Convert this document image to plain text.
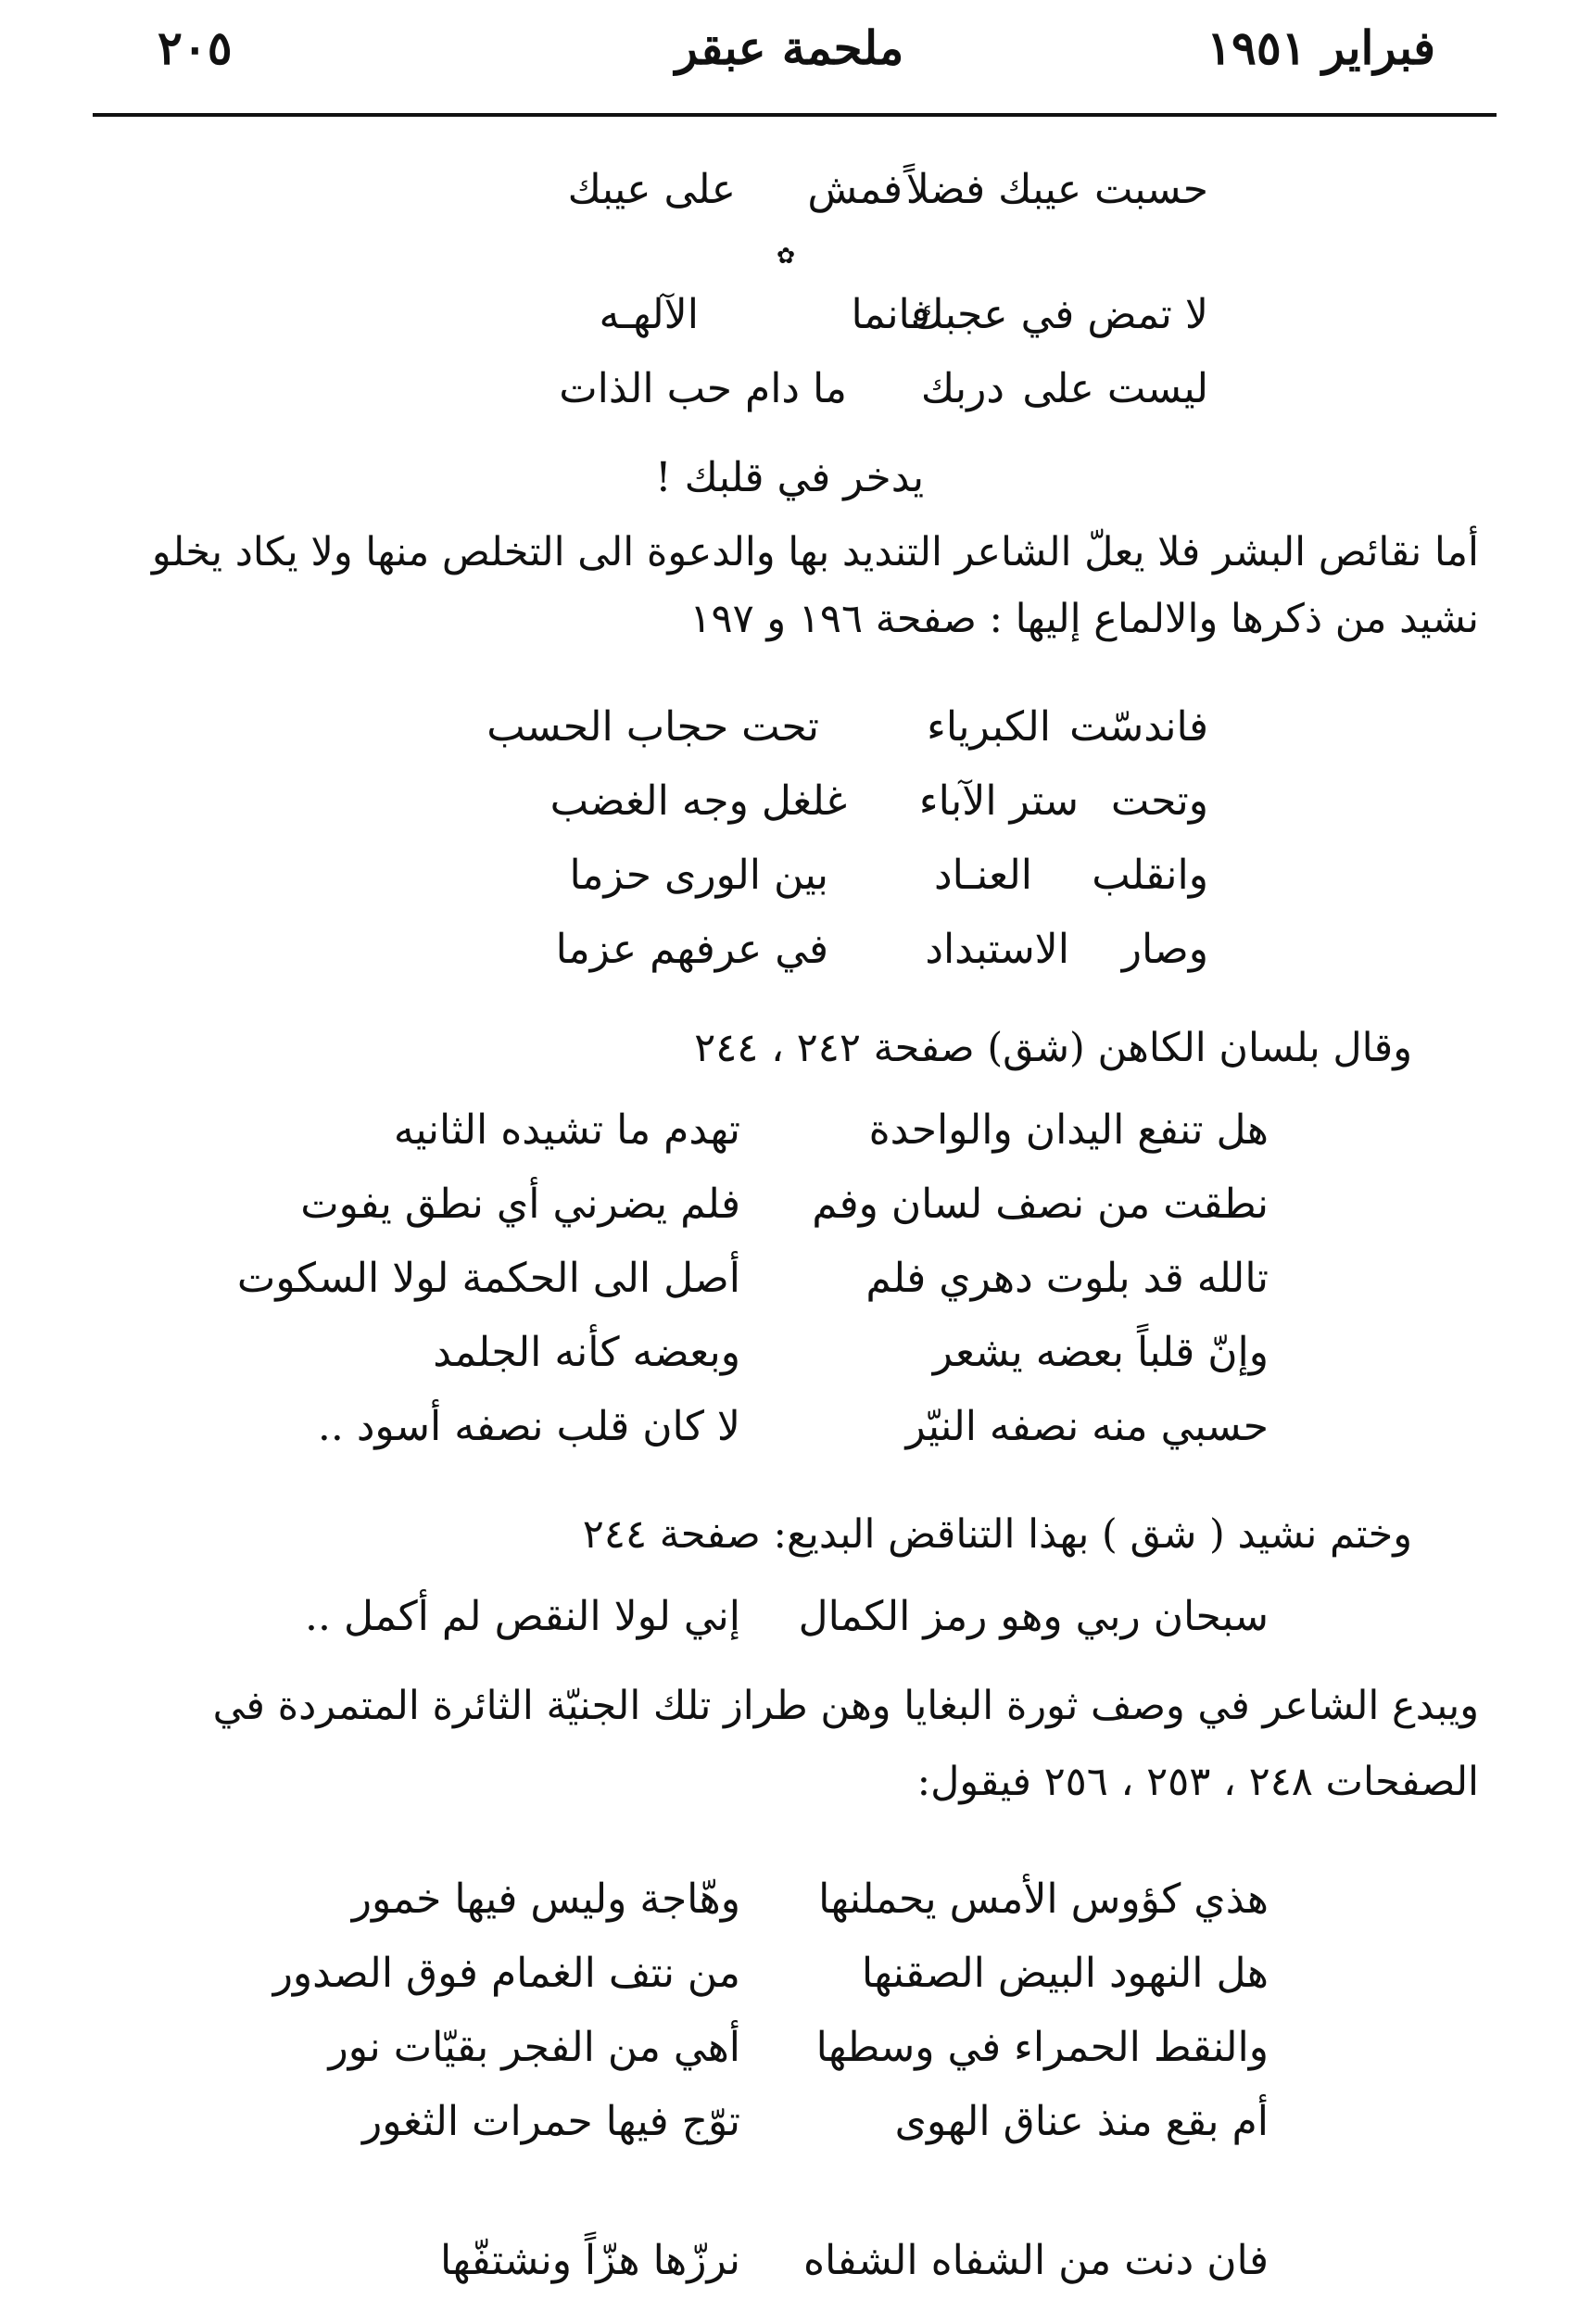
فبراير ١٩٥١
ملحمة عبقر
٢٠٥
حسبت عيبك فضلاً
فمش
على عيبك
✿
لا تمض في عجبك
فانما
الآلهـه
ليست على
دربك
ما دام حب الذات
يدخر في قلبك !
أما نقائص البشر فلا يعلّ الشاعر التنديد بها والدعوة الى التخلص منها ولا يكاد يخلو
نشيد من ذكرها والالماع إليها : صفحة ١٩٦ و ١٩٧
فاندسّت
الكبرياء
تحت حجاب الحسب
وتحت
ستر الآباء
غلغل وجه الغضب
وانقلب
العنـاد
بين الورى حزما
وصار
الاستبداد
في عرفهم عزما
وقال بلسان الكاهن (شق) صفحة ٢٤٢ ، ٢٤٤
هل تنفع اليدان والواحدة
تهدم ما تشيده الثانيه
نطقت من نصف لسان وفم
فلم يضرني أي نطق يفوت
تالله قد بلوت دهري فلم
أصل الى الحكمة لولا السكوت
وإنّ قلباً بعضه يشعر
وبعضه كأنه الجلمد
حسبي منه نصفه النيّر
لا كان قلب نصفه أسود ..
وختم نشيد ( شق ) بهذا التناقض البديع: صفحة ٢٤٤
سبحان ربي وهو رمز الكمال
إني لولا النقص لم أكمل ..
ويبدع الشاعر في وصف ثورة البغايا وهن طراز تلك الجنيّة الثائرة المتمردة في
الصفحات ٢٤٨ ، ٢٥٣ ، ٢٥٦ فيقول:
هذي كؤوس الأمس يحملنها
وهّاجة وليس فيها خمور
هل النهود البيض الصقنها
من نتف الغمام فوق الصدور
والنقط الحمراء في وسطها
أهي من الفجر بقيّات نور
أم بقع منذ عناق الهوى
توّج فيها حمرات الثغور
فان دنت من الشفاه الشفاه
نرزّها هزّاً ونشتفّها
